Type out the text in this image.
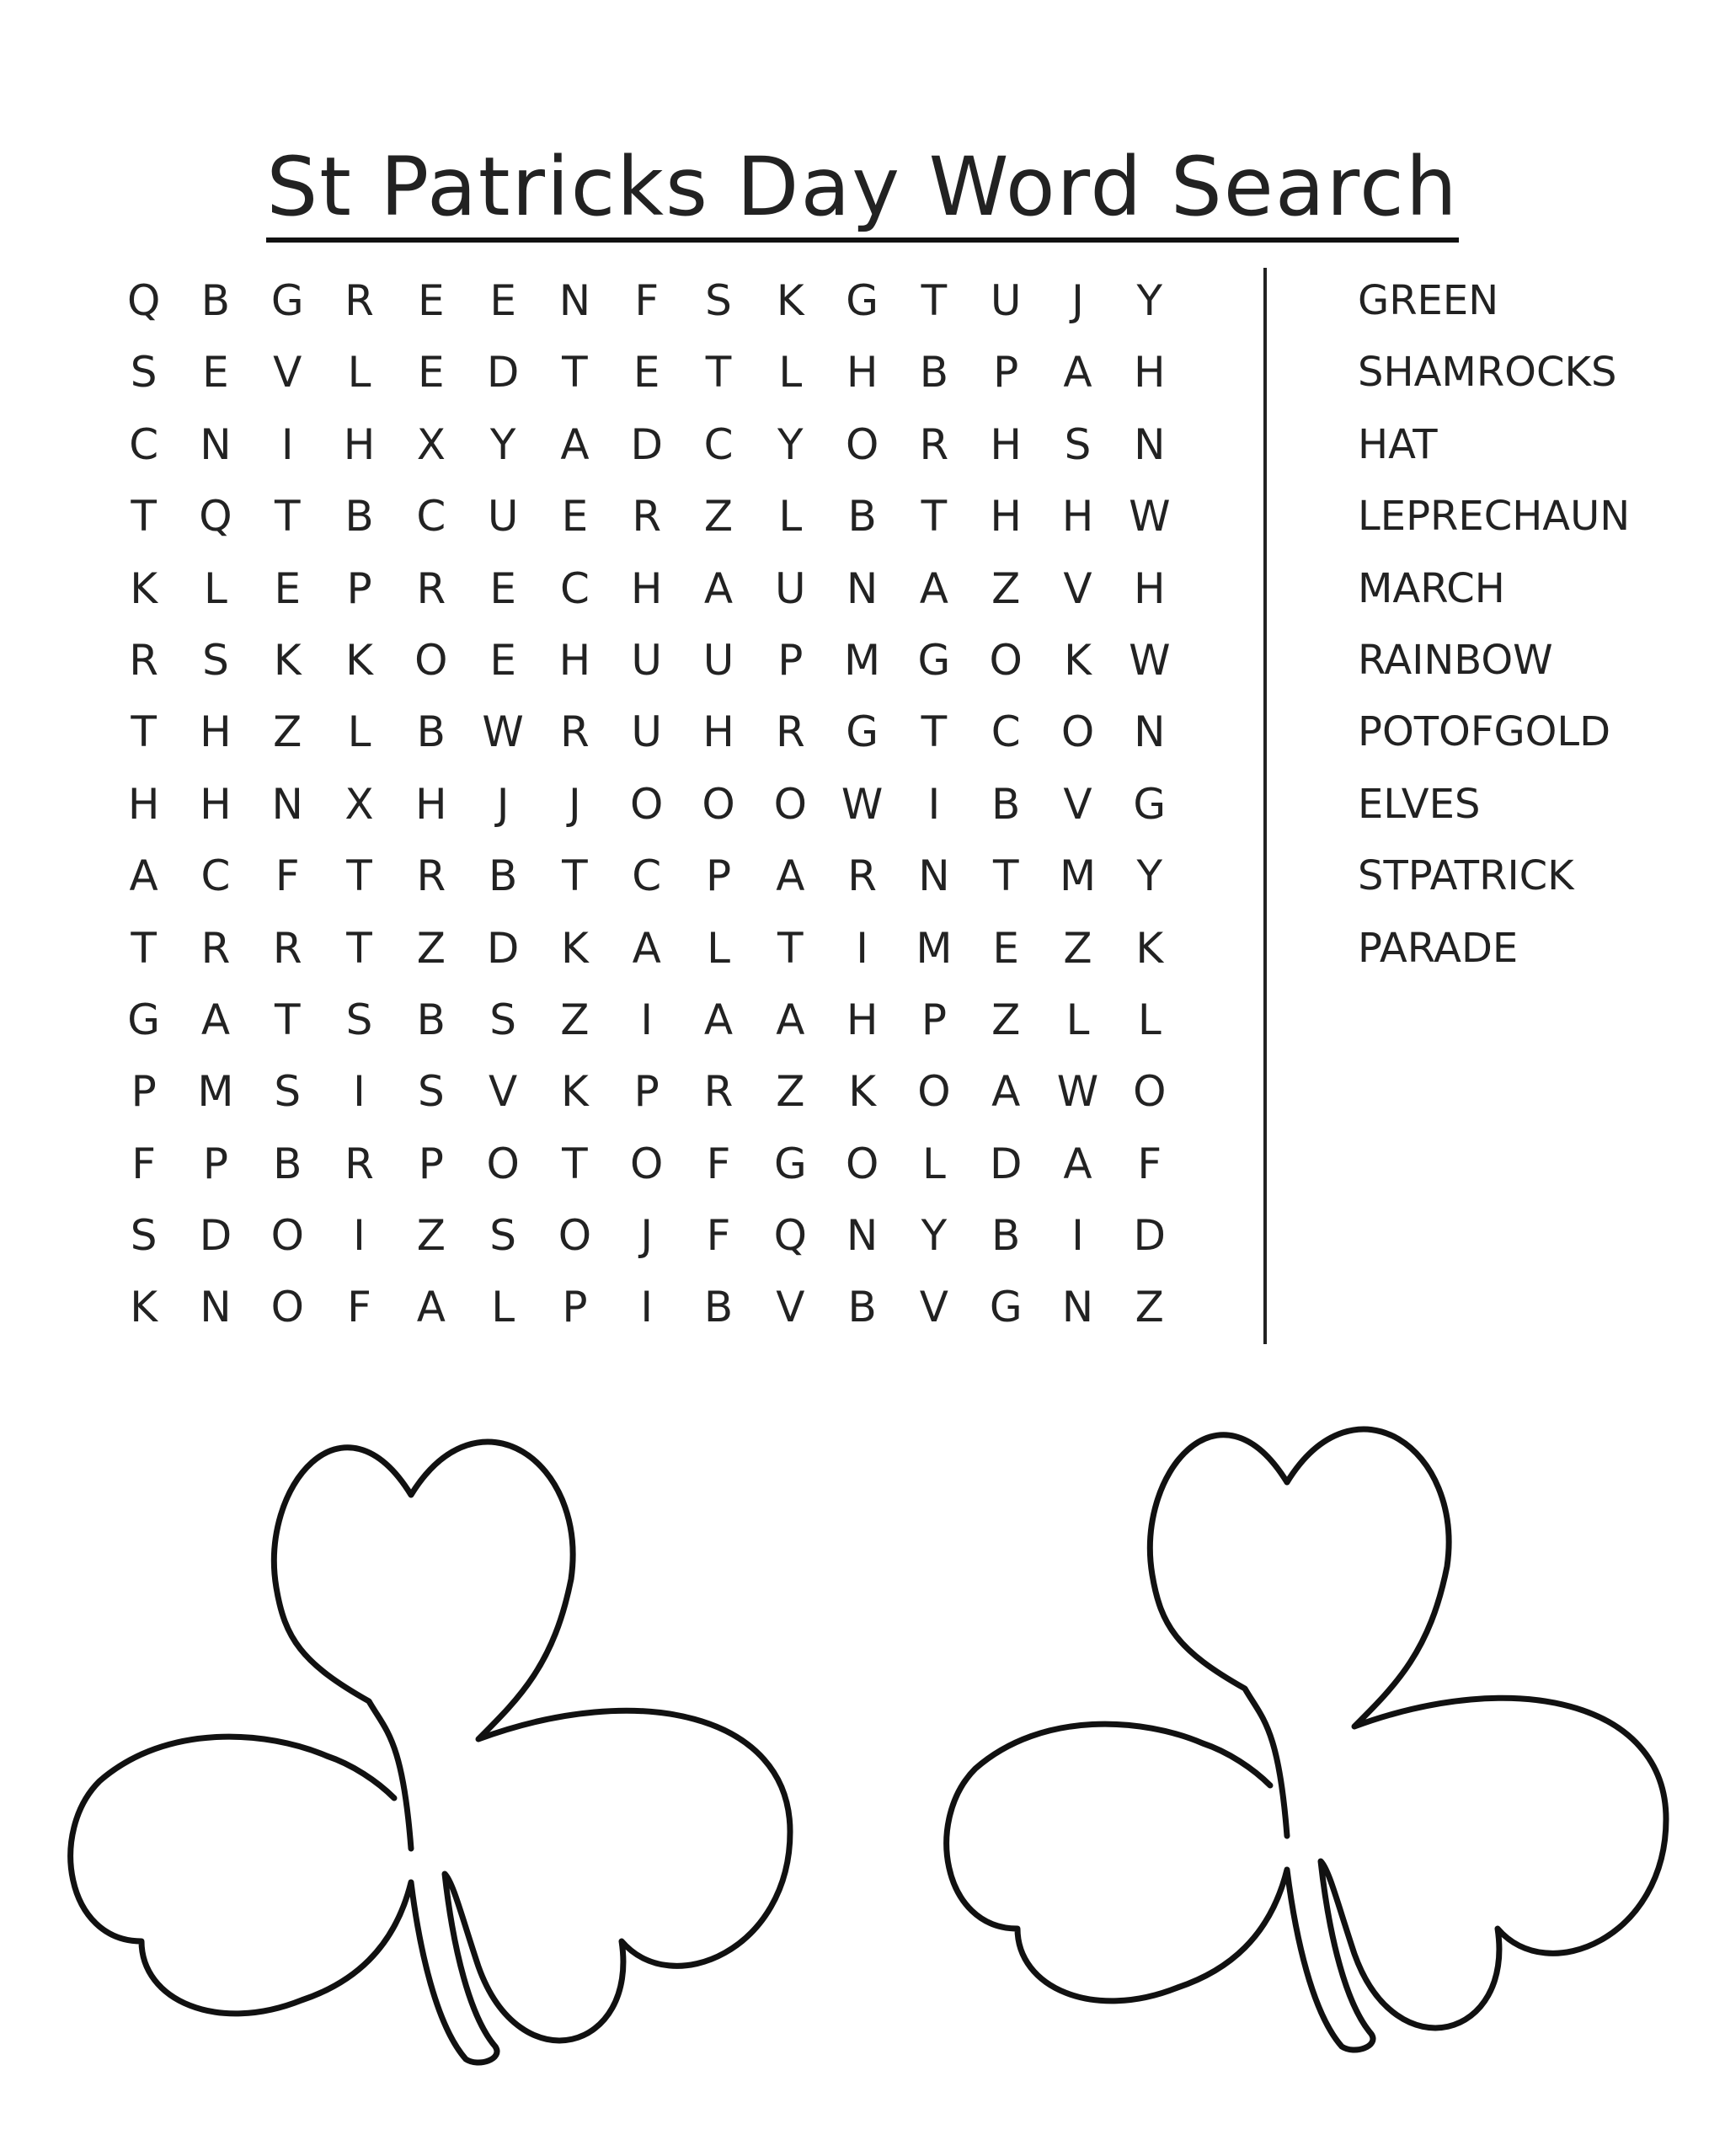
St Patricks Day Word Search
Q B G R	E	E	N	F	S	K G	T	U	J	Y
S	E	V	L	E	D	T	E	T	L	H B	P	A H
C N	I	H X	Y	A D C	Y	O R H	S	N
T	Q	T	B	C U	E	R	Z	L	B	T	H H W
K	L	E	P	R	E	C H A U N A	Z	V H
R	S	K	K O E	H U U	P M G O K W
T	H Z	L	B W R U H R G	T	C O N
H H N X H	J	J	O O O W	I	B	V G
A	C	F	T	R	B	T	C	P	A	R N	T M Y
T	R	R	T	Z D K	A	L	T	I	M E	Z	K
G A	T	S	B	S	Z	I	A	A H	P	Z	L	L
P M S	I	S	V	K	P	R	Z	K O A W O
F	P	B	R	P	O	T	O	F	G O	L	D A	F
S	D O	I	Z	S O	J	F	Q N	Y	B	I	D
K	N O	F	A	L	P	I	B	V	B	V G N Z
GREEN
SHAMROCKS
HAT
LEPRECHAUN
MARCH
RAINBOW
POTOFGOLD
ELVES
STPATRICK
PARADE
